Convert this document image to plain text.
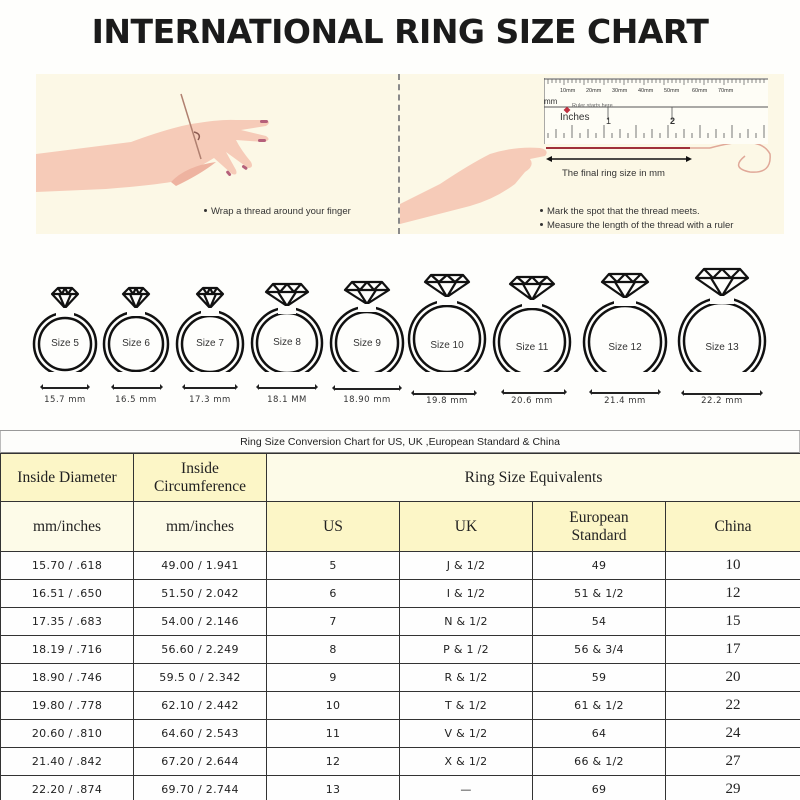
INTERNATIONAL RING SIZE CHART
Wrap a thread around your finger	Mark the spot that the thread meets.
Measure the length of the thread with a ruler
10mm 20mm 30mm 40mm 50mm 60mm 70mm
mm	Ruler starts here
Inches 1	2
The final ring size in mm
Size 5
15.7 mm
Size 6
16.5 mm
Size 7
17.3 mm
Size 8
18.1 MM
Size 9
18.90 mm
Size 10
19.8 mm
Size 11
20.6 mm
Size 12
21.4 mm
Size 13
22.2 mm
Ring Size Conversion Chart for US, UK ,European Standard & China
Inside Diameter	Inside Circumference	Ring Size Equivalents			
mm/inches	mm/inches	US	UK	European Standard	China
15.70 / .618	49.00 / 1.941	5	J & 1/2	49	10
16.51 / .650	51.50 / 2.042	6	I & 1/2	51 & 1/2	12
17.35 / .683	54.00 / 2.146	7	N & 1/2	54	15
18.19 / .716	56.60 / 2.249	8	P & 1 /2	56 & 3/4	17
18.90 / .746	59.5 0 / 2.342	9	R & 1/2	59	20
19.80 / .778	62.10 / 2.442	10	T & 1/2	61 & 1/2	22
20.60 / .810	64.60 / 2.543	11	V & 1/2	64	24
21.40 / .842	67.20 / 2.644	12	X & 1/2	66 & 1/2	27
22.20 / .874	69.70 / 2.744	13	—	69	29
